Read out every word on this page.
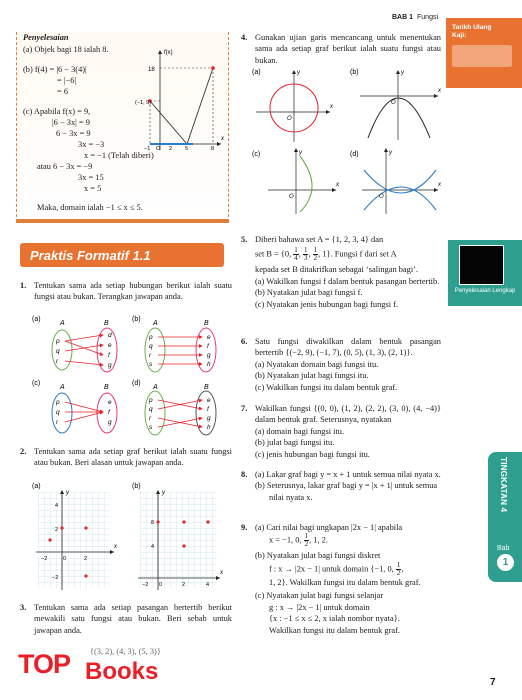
BAB 1 Fungsi
Tarikh Ulang Kaji:
Penyelesaian Lengkap
TINGKATAN 4
Bab
1
Penyelesaian
(a) Objek bagi 18 ialah 8.
(b) f(4) = |6 − 3(4)|
= |−6|
= 6
(c) Apabila f(x) = 9,
|6 − 3x| = 9
6 − 3x = 9
3x = −3
x = −1 (Telah diberi)
atau 6 − 3x = −9
3x = 15
x = 5
Maka, domain ialah −1 ≤ x ≤ 5.
f(x)
x
18
(−1, 9)
−1 O 2 5	8
Praktis Formatif 1.1
1. Tentukan sama ada setiap hubungan berikut ialah suatu fungsi atau bukan. Terangkan jawapan anda.
(a)
A	B
p
q
r
d
e
f
g
(b)
A	B
p
q
r
s
e
f
g
h
(c)
A	B
p
q
r
e
f
g
(d)
A	B
p
q
r
s
e
f
g
h
2. Tentukan sama ada setiap graf berikut ialah suatu fungsi atau bukan. Beri alasan untuk jawapan anda.
(a)
y
x
4
2
−2
−2	0	2
(b)
y
x
8
4
−2 0	2	4
3. Tentukan sama ada setiap pasangan bertertib berikut mewakili satu fungsi atau bukan. Beri sebab untuk jawapan anda.
{(3, 2), (4, 3), (5, 3)}
TOP Books
4. Gunakan ujian garis mencancang untuk menentukan sama ada setiap graf berikut ialah suatu fungsi atau bukan.
(a)	y
x
O
(b)	y
x
O
(c)	y
x
O
(d)	y
x
O
5. Diberi bahawa set A = {1, 2, 3, 4} dan
set B = {0, $\frac{1}{4}$ , $\frac{1}{3}$ , $\frac{1}{2}$ , 1}. Fungsi f dari set A
kepada set B ditakrifkan sebagai ‘salingan bagi’.
(a) Wakilkan fungsi f dalam bentuk pasangan bertertib.
(b) Nyatakan julat bagi fungsi f.
(c) Nyatakan jenis hubungan bagi fungsi f.
6. Satu fungsi diwakilkan dalam bentuk pasangan bertertib {(−2, 9), (−1, 7), (0, 5), (1, 3), (2, 1)}.
(a) Nyatakan domain bagi fungsi itu.
(b) Nyatakan julat bagi fungsi itu.
(c) Wakilkan fungsi itu dalam bentuk graf.
7. Wakilkan fungsi {(0, 0), (1, 2), (2, 2), (3, 0), (4, −4)} dalam bentuk graf. Seterusnya, nyatakan
(a) domain bagi fungsi itu.
(b) julat bagi fungsi itu.
(c) jenis hubungan bagi fungsi itu.
8. (a) Lakar graf bagi y = x + 1 untuk semua nilai nyata x.
(b) Seterusnya, lakar graf bagi y = |x + 1| untuk semua nilai nyata x.
9. (a) Cari nilai bagi ungkapan |2x − 1| apabila
x = −1, 0, $\frac{1}{2}$ , 1, 2.
(b) Nyatakan julat bagi fungsi diskret
f : x → |2x − 1| untuk domain {−1, 0, $\frac{1}{2}$ ,
1, 2}. Wakilkan fungsi itu dalam bentuk graf.
(c) Nyatakan julat bagi fungsi selanjar
g : x → |2x − 1| untuk domain
{x : −1 ≤ x ≤ 2, x ialah nombor nyata}.
Wakilkan fungsi itu dalam bentuk graf.
7
